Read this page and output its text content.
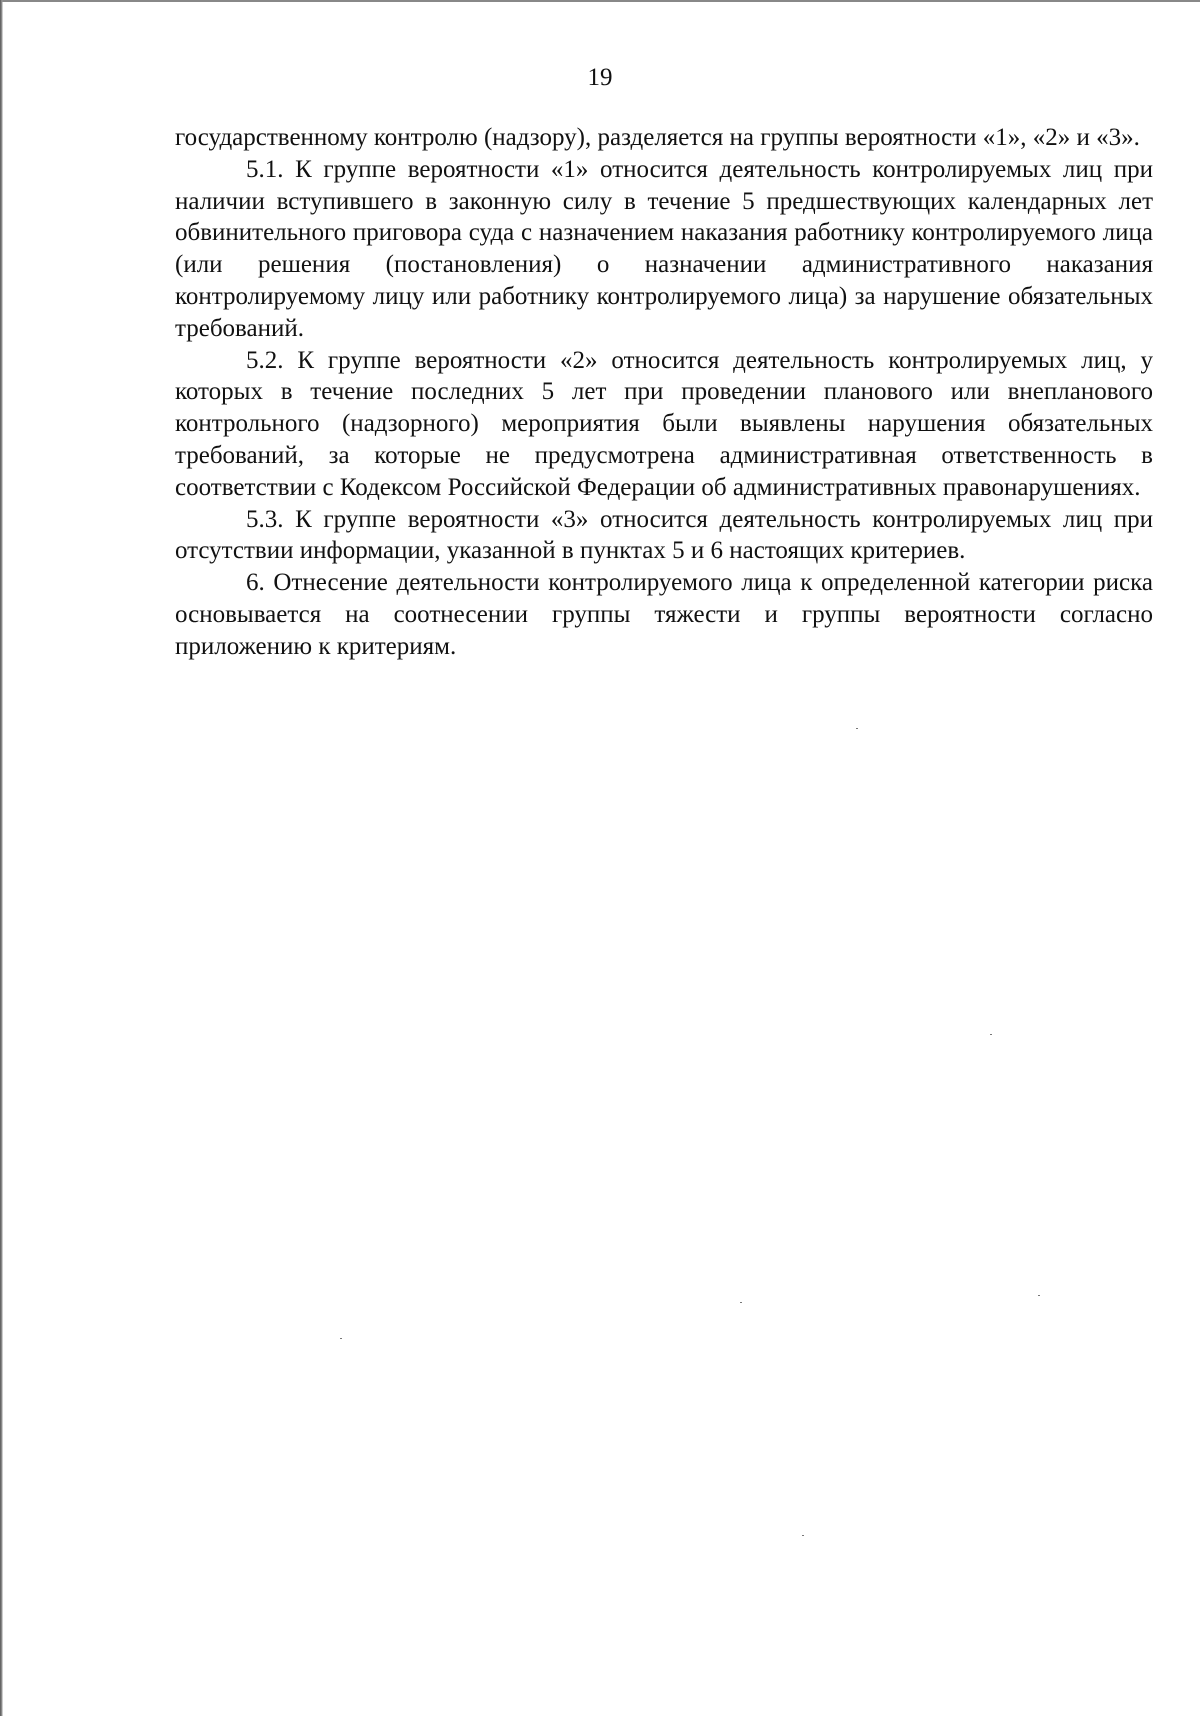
19

государственному контролю (надзору), разделяется на группы вероятности «1», «2» и «3».

5.1. К группе вероятности «1» относится деятельность контролируемых лиц при наличии вступившего в законную силу в течение 5 предшествующих календарных лет обвинительного приговора суда с назначением наказания работнику контролируемого лица (или решения (постановления) о назначении административного наказания контролируемому лицу или работнику контролируемого лица) за нарушение обязательных требований.

5.2. К группе вероятности «2» относится деятельность контролируемых лиц, у которых в течение последних 5 лет при проведении планового или внепланового контрольного (надзорного) мероприятия были выявлены нарушения обязательных требований, за которые не предусмотрена административная ответственность в соответствии с Кодексом Российской Федерации об административных правонарушениях.

5.3. К группе вероятности «3» относится деятельность контролируемых лиц при отсутствии информации, указанной в пунктах 5 и 6 настоящих критериев.

6. Отнесение деятельности контролируемого лица к определенной категории риска основывается на соотнесении группы тяжести и группы вероятности согласно приложению к критериям.
